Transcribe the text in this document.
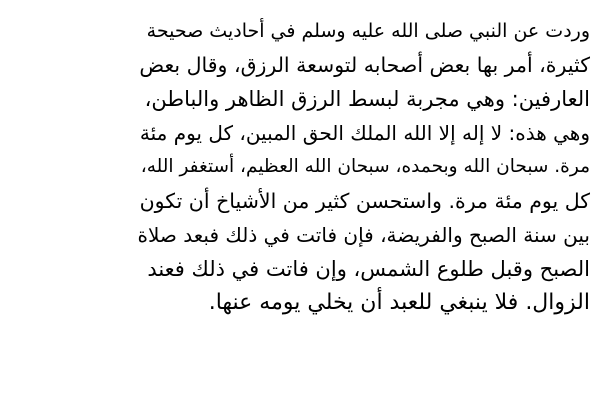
وردت عن النبي صلى الله عليه وسلم في أحاديث صحيحة
كثيرة، أمر بها بعض أصحابه لتوسعة الرزق، وقال بعض
العارفين: وهي مجربة لبسط الرزق الظاهر والباطن،
وهي هذه: لا إله إلا الله الملك الحق المبين، كل يوم مئة
مرة. سبحان الله وبحمده، سبحان الله العظيم، أستغفر الله،
كل يوم مئة مرة. واستحسن كثير من الأشياخ أن تكون
بين سنة الصبح والفريضة، فإن فاتت في ذلك فبعد صلاة
الصبح وقبل طلوع الشمس، وإن فاتت في ذلك فعند
الزوال. فلا ينبغي للعبد أن يخلي يومه عنها.
